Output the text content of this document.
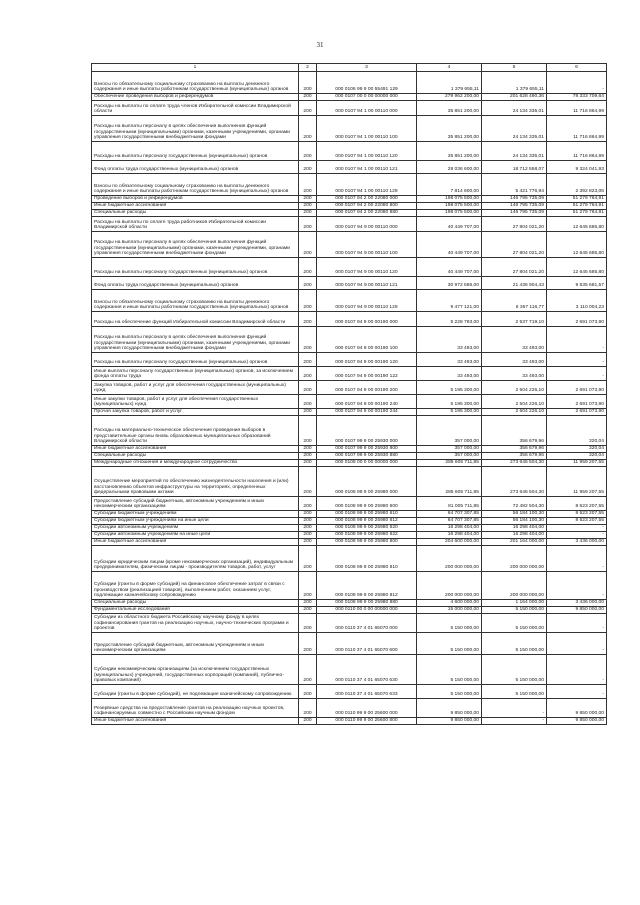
31
1	2	3	4	5	6
Взносы по обязательному социальному страхованию на выплаты денежного содержания и иные выплаты работникам государственных (муниципальных) органов	200	000 0106 99 9 00 55491 129	1 379 655,11	1 379 655,11	-
Обеспечение проведения выборов и референдумов	200	000 0107 00 0 00 00000 000	279 962 200,00	201 628 490,36	78 333 709,64
Расходы на выплаты по оплате труда членов Избирательной комиссии Владимирской области	200	000 0107 94 1 00 00110 000	35 851 200,00	24 134 335,01	11 716 864,99
Расходы на выплаты персоналу в целях обеспечения выполнения функций государственными (муниципальными) органами, казенными учреждениями, органами управления государственными внебюджетными фондами	200	000 0107 94 1 00 00110 100	35 851 200,00	24 134 335,01	11 716 864,99
Расходы на выплаты персоналу государственных (муниципальных) органов	200	000 0107 94 1 00 00110 120	35 851 200,00	24 134 335,01	11 716 864,99
Фонд оплаты труда государственных (муниципальных) органов	200	000 0107 94 1 00 00110 121	28 036 600,00	18 712 558,07	9 324 041,93
Взносы по обязательному социальному страхованию на выплаты денежного содержания и иные выплаты работникам государственных (муниципальных) органов	200	000 0107 94 1 00 00110 129	7 814 600,00	5 421 776,94	2 392 823,06
Проведение выборов и референдумов	200	000 0107 94 2 00 22080 000	198 075 500,00	146 795 735,09	51 279 764,91
Иные бюджетные ассигнования	200	000 0107 94 2 00 22080 800	198 075 500,00	146 795 735,09	51 279 764,91
Специальные расходы	200	000 0107 94 2 00 22080 880	198 075 500,00	146 795 735,09	51 279 764,91
Расходы на выплаты по оплате труда работников Избирательной комиссии Владимирской области	200	000 0107 94 9 00 00110 000	40 449 707,00	27 804 021,20	12 645 685,80
Расходы на выплаты персоналу в целях обеспечения выполнения функций государственными (муниципальными) органами, казенными учреждениями, органами управления государственными внебюджетными фондами	200	000 0107 94 9 00 00110 100	40 449 707,00	27 804 021,20	12 645 685,80
Расходы на выплаты персоналу государственных (муниципальных) органов	200	000 0107 94 9 00 00110 120	40 449 707,00	27 804 021,20	12 645 685,80
Фонд оплаты труда государственных (муниципальных) органов	200	000 0107 94 9 00 00110 121	30 972 586,00	21 436 904,43	9 535 681,57
Взносы по обязательному социальному страхованию на выплаты денежного содержания и иные выплаты работникам государственных (муниципальных) органов	200	000 0107 94 9 00 00110 129	9 477 121,00	6 367 116,77	3 110 004,23
Расходы на обеспечение функций Избирательной комиссии Владимирской области	200	000 0107 94 9 00 00190 000	5 228 793,00	2 537 719,10	2 691 073,90
Расходы на выплаты персоналу в целях обеспечения выполнения функций государственными (муниципальными) органами, казенными учреждениями, органами управления государственными внебюджетными фондами	200	000 0107 94 9 00 00190 100	33 493,00	33 493,00	-
Расходы на выплаты персоналу государственных (муниципальных) органов	200	000 0107 94 9 00 00190 120	33 493,00	33 493,00	-
Иные выплаты персоналу государственных (муниципальных) органов, за исключением фонда оплаты труда	200	000 0107 94 9 00 00190 122	33 493,00	33 493,00	-
Закупка товаров, работ и услуг для обеспечения государственных (муниципальных) нужд	200	000 0107 94 9 00 00190 200	5 195 300,00	2 504 226,10	2 691 073,90
Иные закупки товаров, работ и услуг для обеспечения государственных (муниципальных) нужд	200	000 0107 94 9 00 00190 240	5 195 300,00	2 504 226,10	2 691 073,90
Прочая закупка товаров, работ и услуг	200	000 0107 94 9 00 00190 244	5 195 300,00	2 504 226,10	2 691 073,90
Расходы на материально-техническое обеспечение проведения выборов в представительные органы вновь образованных муниципальных образований Владимирской области	200	000 0107 99 9 00 25930 000	357 000,00	356 679,96	320,04
Иные бюджетные ассигнования	200	000 0107 99 9 00 25930 800	357 000,00	356 679,96	320,04
Специальные расходы	200	000 0107 99 9 00 25930 880	357 000,00	356 679,96	320,04
Международные отношения и международное сотрудничество	200	000 0108 00 0 00 00000 000	285 605 711,85	273 646 504,30	11 959 207,55
Осуществление мероприятий по обеспечению жизнедеятельности населения и (или) восстановлению объектов инфраструктуры на территориях, определенных федеральными правовыми актами	200	000 0108 99 9 00 25980 000	285 605 711,85	273 646 504,30	11 959 207,55
Предоставление субсидий бюджетным, автономным учреждениям и иным некоммерческим организациям	200	000 0108 99 9 00 25980 600	81 005 711,85	72 482 504,30	8 523 207,55
Субсидии бюджетным учреждениям	200	000 0108 99 9 00 25980 610	64 707 307,85	56 184 100,30	8 523 207,55
Субсидии бюджетным учреждениям на иные цели	200	000 0108 99 9 00 25980 612	64 707 307,85	56 184 100,30	8 523 207,55
Субсидии автономным учреждениям	200	000 0108 99 9 00 25980 620	16 298 404,00	16 298 404,00	-
Субсидии автономным учреждениям на иные цели	200	000 0108 99 9 00 25980 622	16 298 404,00	16 298 404,00	-
Иные бюджетные ассигнования	200	000 0108 99 9 00 25980 800	204 600 000,00	201 164 000,00	3 436 000,00
Субсидии юридическим лицам (кроме некоммерческих организаций), индивидуальным предпринимателям, физическим лицам - производителям товаров, работ, услуг	200	000 0108 99 9 00 25980 810	200 000 000,00	200 000 000,00	-
Субсидии (гранты в форме субсидий) на финансовое обеспечение затрат в связи с производством (реализацией товаров), выполнением работ, оказанием услуг, подлежащие казначейскому сопровождению	200	000 0108 99 9 00 25980 812	200 000 000,00	200 000 000,00	-
Специальные расходы	200	000 0108 99 9 00 25980 880	4 600 000,00	1 164 000,00	3 436 000,00
Фундаментальные исследования	200	000 0110 00 0 00 00000 000	15 000 000,00	5 150 000,00	9 850 000,00
Субсидии из областного бюджета Российскому научному фонду в целях софинансирования грантов на реализацию научных, научно-технических программ и проектов	200	000 0110 37 4 01 65070 000	5 150 000,00	5 150 000,00	-
Предоставление субсидий бюджетным, автономным учреждениям и иным некоммерческим организациям	200	000 0110 37 4 01 65070 600	5 150 000,00	5 150 000,00	-
Субсидии некоммерческим организациям (за исключением государственных (муниципальных) учреждений, государственных корпораций (компаний), публично-правовых компаний)	200	000 0110 37 4 01 65070 630	5 150 000,00	5 150 000,00	-
Субсидии (гранты в форме субсидий), не подлежащие казначейскому сопровождению	200	000 0110 37 4 01 65070 633	5 150 000,00	5 150 000,00	-
Резервные средства на предоставление грантов на реализацию научных проектов, софинансируемых совместно с Российским научным фондом	200	000 0110 99 9 00 25600 000	9 850 000,00	-	9 850 000,00
Иные бюджетные ассигнования	200	000 0110 99 9 00 25600 800	9 850 000,00	-	9 850 000,00
